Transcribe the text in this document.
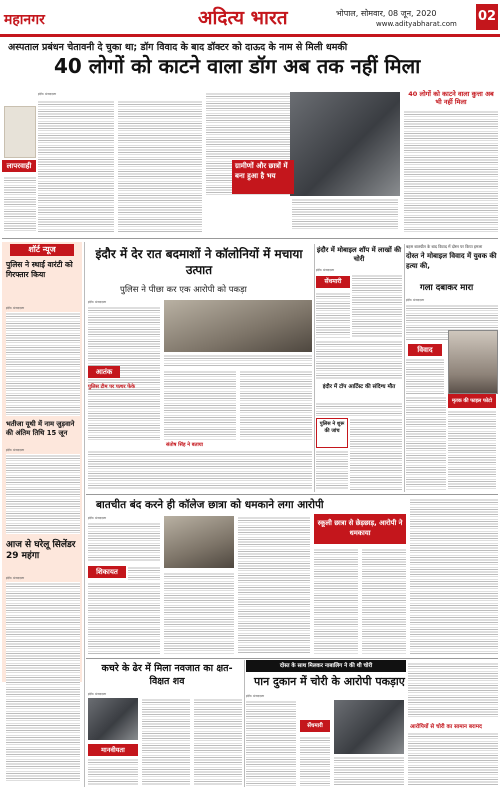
महानगर	अदित्य भारत	भोपाल, सोमवार, 08 जून, 2020
www.adityabharat.com 02
अस्पताल प्रबंधन चेतावनी दे चुका था; डॉग विवाद के बाद डॉक्टर को दाऊद के नाम से मिली धमकी
40 लोगों को काटने वाला डॉग अब तक नहीं मिला
इंदौर। संवाददाता
लापरवाही	ग्रामीणों और छात्रों में बना हुआ है भय
40 लोगों को काटने वाला कुत्ता अब भी नहीं मिला
शॉर्ट न्यूज
पुलिस ने स्थाई वारंटी को गिरफ्तार किया
इंदौर। संवाददाता
भतीजा यूथी में नाम जुड़वाने की अंतिम तिथि 15 जून
इंदौर। संवाददाता
आज से घरेलू सिलेंडर 29 महंगा
इंदौर। संवाददाता
इंदौर में देर रात बदमाशों ने कॉलोनियों में मचाया उत्पात
पुलिस ने पीछा कर एक आरोपी को पकड़ा
इंदौर। संवाददाता
आतंक
पुलिस टीम पर पत्थर फेंके
संतोष सिंह ने बताया
इंदौर में मोबाइल शॉप में लाखों की चोरी
इंदौर। संवाददाता
सेंधमारी
इंदौर में टॉप आर्टिस्ट की संदिग्ध मौत
पुलिस ने शुरू की जांच
बहस बातचीत के बाद विवाद में दोस्त पर किया हमला
दोस्त ने मोबाइल विवाद में युवक की हत्या की,
गला दबाकर मारा
इंदौर। संवाददाता
विवाद
मृतक की फाइल फोटो
बातचीत बंद करने ही कॉलेज छात्रा को धमकाने लगा आरोपी
इंदौर। संवाददाता
शिकायत
स्कूली छात्रा से छेड़छाड़, आरोपी ने धमकाया
कचरे के ढेर में मिला नवजात का क्षत-विक्षत शव
इंदौर। संवाददाता
मानवीयता
दोस्त के साथ मिलकर नाबालिग ने की थी चोरी
पान दुकान में चोरी के आरोपी पकड़ाए
इंदौर। संवाददाता
सेंधमारी	आरोपियों से चोरी का सामान बरामद
